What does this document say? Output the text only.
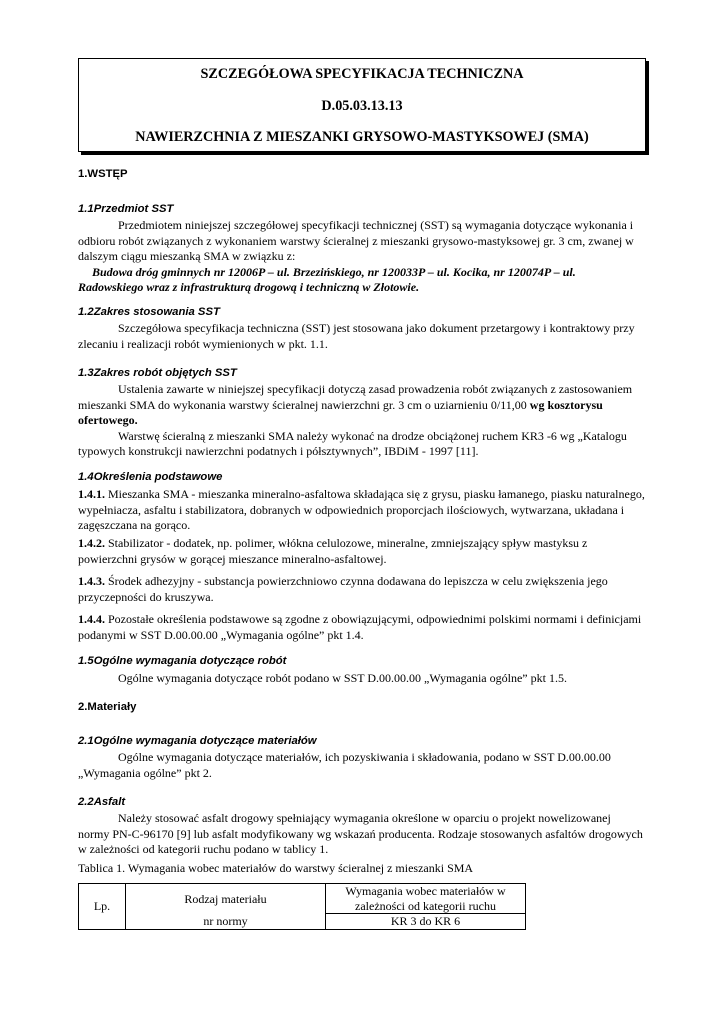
SZCZEGÓŁOWA SPECYFIKACJA TECHNICZNA
D.05.03.13.13
NAWIERZCHNIA Z MIESZANKI GRYSOWO-MASTYKSOWEJ (SMA)
1.WSTĘP
1.1Przedmiot SST
Przedmiotem niniejszej szczegółowej specyfikacji technicznej (SST) są wymagania dotyczące wykonania i
odbioru robót związanych z wykonaniem warstwy ścieralnej z mieszanki grysowo-mastyksowej gr. 3 cm, zwanej w
dalszym ciągu mieszanką SMA w związku z:
Budowa dróg gminnych nr 12006P – ul. Brzezińskiego, nr 120033P – ul. Kocika, nr 120074P – ul.
Radowskiego wraz z infrastrukturą drogową i techniczną w Złotowie.
1.2Zakres stosowania SST
Szczegółowa specyfikacja techniczna (SST) jest stosowana jako dokument przetargowy i kontraktowy przy
zlecaniu i realizacji robót wymienionych w pkt. 1.1.
1.3Zakres robót objętych SST
Ustalenia zawarte w niniejszej specyfikacji dotyczą zasad prowadzenia robót związanych z zastosowaniem
mieszanki SMA do wykonania warstwy ścieralnej nawierzchni gr. 3 cm o uziarnieniu 0/11,00 wg kosztorysu
ofertowego.
Warstwę ścieralną z mieszanki SMA należy wykonać na drodze obciążonej ruchem KR3 -6 wg „Katalogu
typowych konstrukcji nawierzchni podatnych i półsztywnych”, IBDiM - 1997 [11].
1.4Określenia podstawowe
1.4.1. Mieszanka SMA - mieszanka mineralno-asfaltowa składająca się z grysu, piasku łamanego, piasku naturalnego,
wypełniacza, asfaltu i stabilizatora, dobranych w odpowiednich proporcjach ilościowych, wytwarzana, układana i
zagęszczana na gorąco.
1.4.2. Stabilizator - dodatek, np. polimer, włókna celulozowe, mineralne, zmniejszający spływ mastyksu z
powierzchni grysów w gorącej mieszance mineralno-asfaltowej.
1.4.3. Środek adhezyjny - substancja powierzchniowo czynna dodawana do lepiszcza w celu zwiększenia jego
przyczepności do kruszywa.
1.4.4. Pozostałe określenia podstawowe są zgodne z obowiązującymi, odpowiednimi polskimi normami i definicjami
podanymi w SST D.00.00.00 „Wymagania ogólne” pkt 1.4.
1.5Ogólne wymagania dotyczące robót
Ogólne wymagania dotyczące robót podano w SST D.00.00.00 „Wymagania ogólne” pkt 1.5.
2.Materiały
2.1Ogólne wymagania dotyczące materiałów
Ogólne wymagania dotyczące materiałów, ich pozyskiwania i składowania, podano w SST D.00.00.00
„Wymagania ogólne” pkt 2.
2.2Asfalt
Należy stosować asfalt drogowy spełniający wymagania określone w oparciu o projekt nowelizowanej
normy PN-C-96170 [9] lub asfalt modyfikowany wg wskazań producenta. Rodzaje stosowanych asfaltów drogowych
w zależności od kategorii ruchu podano w tablicy 1.
Tablica 1. Wymagania wobec materiałów do warstwy ścieralnej z mieszanki SMA
Lp.	Rodzaj materiału	Wymagania wobec materiałów w
zależności od kategorii ruchu
	nr normy	KR 3 do KR 6
